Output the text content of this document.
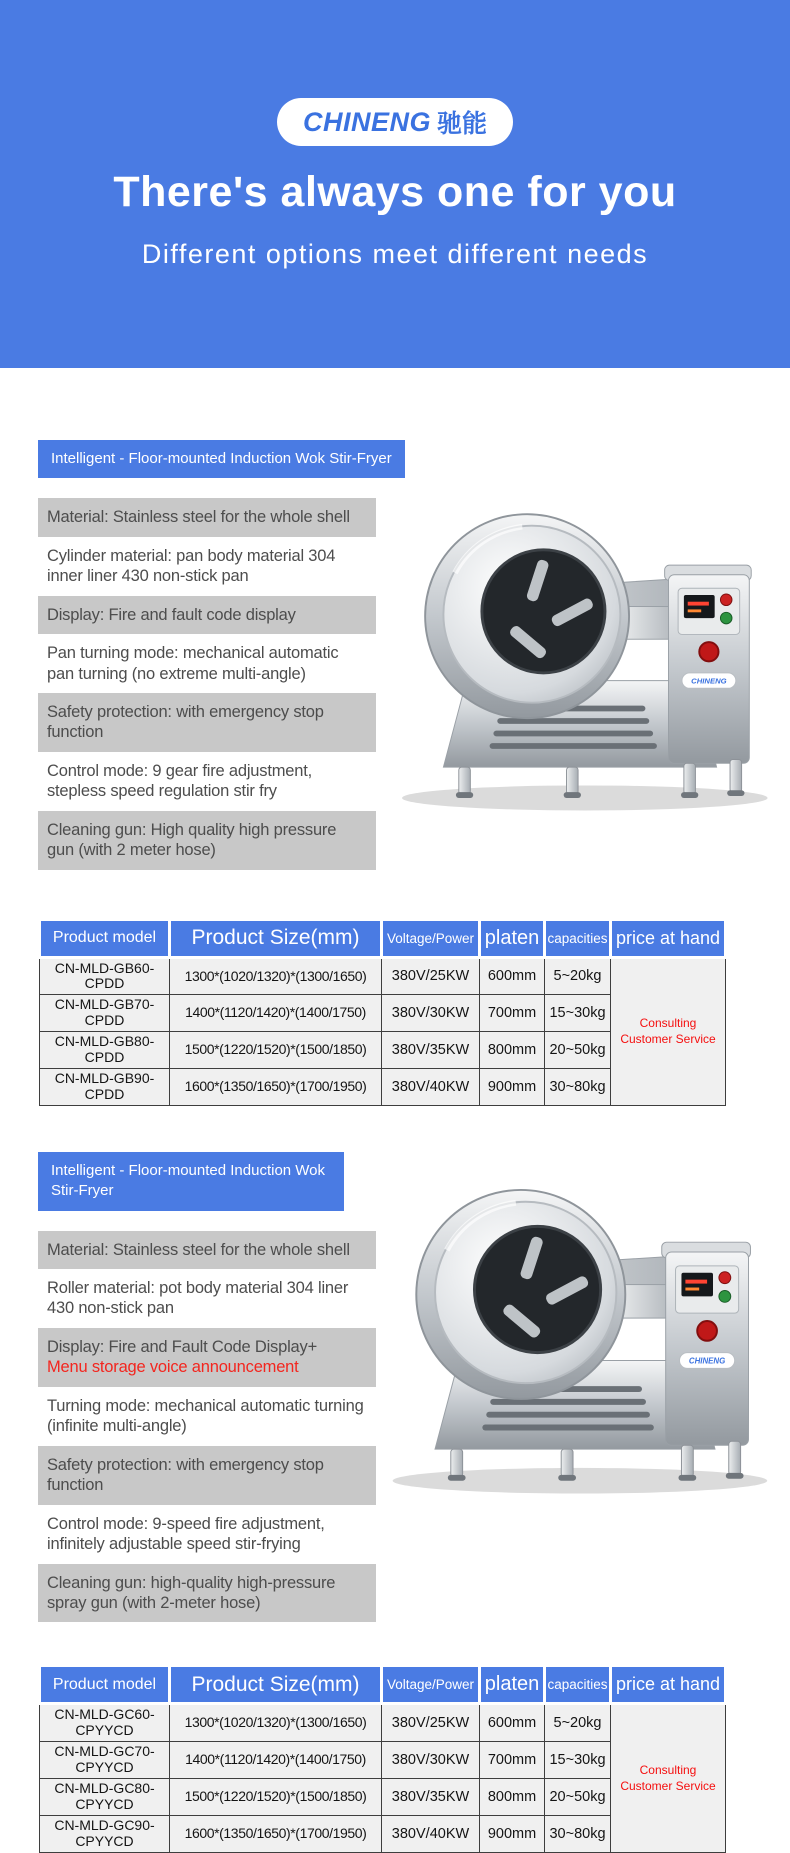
CHINENG 驰能
There's always one for you
Different options meet different needs
Intelligent - Floor-mounted Induction Wok Stir-Fryer
Material: Stainless steel for the whole shell
Cylinder material: pan body material 304 inner liner 430 non-stick pan
Display: Fire and fault code display
Pan turning mode: mechanical automatic pan turning (no extreme multi-angle)
Safety protection: with emergency stop function
Control mode: 9 gear fire adjustment, stepless speed regulation stir fry
Cleaning gun: High quality high pressure gun (with 2 meter hose)
Product model	Product Size(mm)	Voltage/Power	platen	capacities	price at hand
CN-MLD-GB60-CPDD	1300*(1020/1320)*(1300/1650)	380V/25KW	600mm	5~20kg	Consulting Customer Service
CN-MLD-GB70-CPDD	1400*(1120/1420)*(1400/1750)	380V/30KW	700mm	15~30kg	
CN-MLD-GB80-CPDD	1500*(1220/1520)*(1500/1850)	380V/35KW	800mm	20~50kg	
CN-MLD-GB90-CPDD	1600*(1350/1650)*(1700/1950)	380V/40KW	900mm	30~80kg	
Intelligent - Floor-mounted Induction Wok Stir-Fryer
Material: Stainless steel for the whole shell
Roller material: pot body material 304 liner 430 non-stick pan
Display: Fire and Fault Code Display+
Menu storage voice announcement
Turning mode: mechanical automatic turning (infinite multi-angle)
Safety protection: with emergency stop function
Control mode: 9-speed fire adjustment, infinitely adjustable speed stir-frying
Cleaning gun: high-quality high-pressure spray gun (with 2-meter hose)
Product model	Product Size(mm)	Voltage/Power	platen	capacities	price at hand
CN-MLD-GC60-CPYYCD	1300*(1020/1320)*(1300/1650)	380V/25KW	600mm	5~20kg	Consulting Customer Service
CN-MLD-GC70-CPYYCD	1400*(1120/1420)*(1400/1750)	380V/30KW	700mm	15~30kg	
CN-MLD-GC80-CPYYCD	1500*(1220/1520)*(1500/1850)	380V/35KW	800mm	20~50kg	
CN-MLD-GC90-CPYYCD	1600*(1350/1650)*(1700/1950)	380V/40KW	900mm	30~80kg	
